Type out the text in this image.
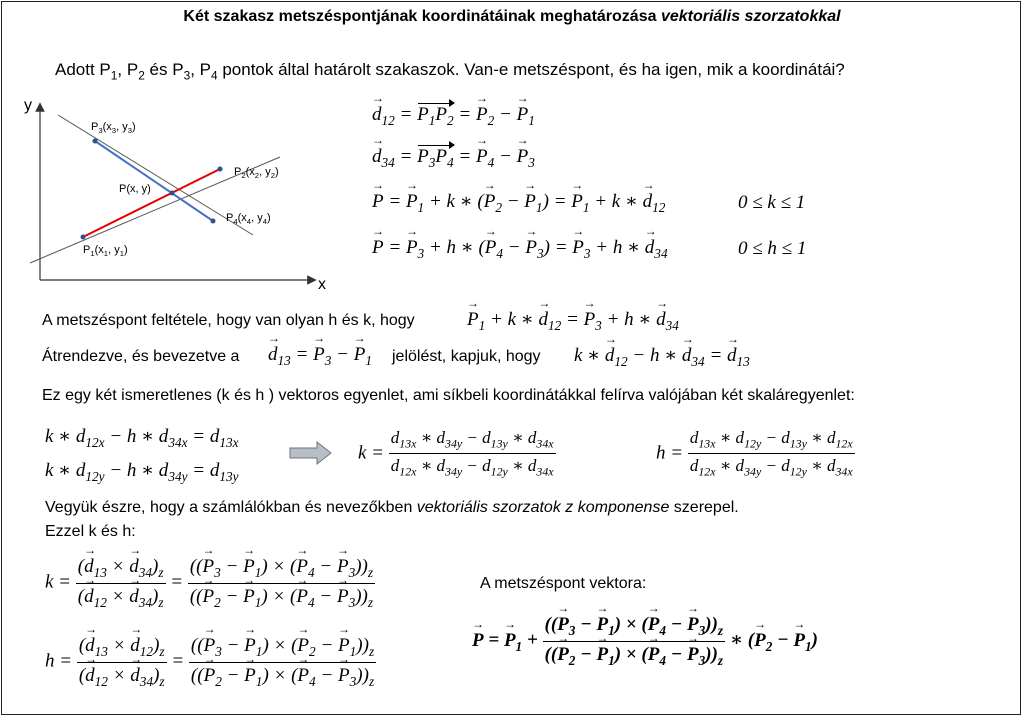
Két szakasz metszéspontjának koordinátáinak meghatározása vektoriális szorzatokkal
Adott $P_1$, $P_2$ és $P_3$, $P_4$ pontok által határolt szakaszok. Van-e metszéspont, és ha igen, mik a koordinátái?
y
x
$P_3(x_3$, $y_3$)
$P_2(x_2$, $y_2$)
P(x, y)
$P_4(x_4$, $y_4$)
$P_1(x_1$, $y_1$)
→ $d_{12} = P_1P_2$ = → $P_2$ − → $P_1$
→ $d_{34} = P_3P_4$ = → $P_4$ − → $P_3$
→ P = → $P_1 + k$ ∗ (→ $P_2$ − → $P_1$) = → $P_1 + k$ ∗ → $d_{12}$	0 ≤ k ≤ 1
→ P = → $P_3 + h$ ∗ (→ $P_4$ − → $P_3$) = → $P_3 + h$ ∗ → $d_{34}$	0 ≤ h ≤ 1
A metszéspont feltétele, hogy van olyan h és k, hogy
→	$P_1 + k$ ∗ → $d_{12}$ = → $P_3 + h$ ∗ → $d_{34}$
Átrendezve, és bevezetve a
→ $d_{13}$ = → $P_3$ − → $P_1$ jelölést, kapjuk, hogy k ∗ → $d_{12} - h$ ∗ → $d_{34}$ = → $d_{13}$
Ez egy két ismeretlenes (k és h ) vektoros egyenlet, ami síkbeli koordinátákkal felírva valójában két skaláregyenlet:
k ∗ $d_{12x} - h$ ∗ $d_{34x} = d_{13x}$
k ∗ $d_{12y} - h$ ∗ $d_{34y} = d_{13y}$
$k = \frac{d_{13x} ∗ d_{34y} - d_{13y} ∗ d_{34x}}{d_{12x} ∗ d_{34y} - d_{12y} ∗ d_{34x}}$	$h = \frac{d_{13x} ∗ d_{12y} - d_{13y} ∗ d_{12x}}{d_{12x} ∗ d_{34y} - d_{12y} ∗ d_{34x}}$
Vegyük észre, hogy a számlálókban és nevezőkben vektoriális szorzatok z komponense szerepel.
Ezzel k és h:
$k = \frac{(\to d_{13} \times \to d_{34})_z}{(\to d_{12} \times \to d_{34})_z} = \frac{((\to P_3 - \to P_1) \times (\to P_4 - \to P_3))_z}{((\to P_2 - \to P_1) \times (\to P_4 - \to P_3))_z}$
$h = \frac{(\to d_{13} \times \to d_{12})_z}{(\to d_{12} \times \to d_{34})_z} = \frac{((\to P_3 - \to P_1) \times (\to P_2 - \to P_1))_z}{((\to P_2 - \to P_1) \times (\to P_4 - \to P_3))_z}$
A metszéspont vektora:
→ P = → $P_1 + \frac{((\to P_3 - \to P_1) \times (\to P_4 - \to P_3))_z}{((\to P_2 - \to P_1) \times (\to P_4 - \to P_3))_z}$ ∗ (→ $P_2$ − → $P_1$)
